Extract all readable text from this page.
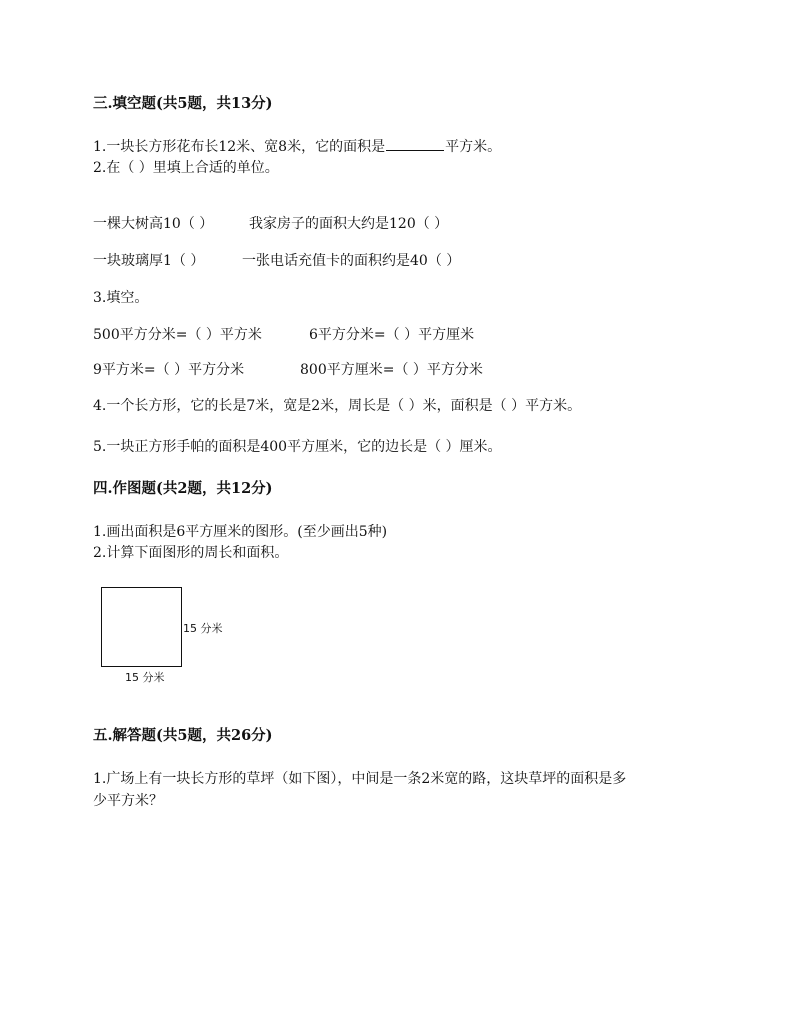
三.填空题(共5题，共13分)
1.一块长方形花布长12米、宽8米，它的面积是	平方米。
2.在（ ）里填上合适的单位。
一棵大树高10（ ）	我家房子的面积大约是120（ ）
一块玻璃厚1（ ）	一张电话充值卡的面积约是40（ ）
3.填空。
500平方分米=（ ）平方米	6平方分米=（ ）平方厘米
9平方米=（ ）平方分米	800平方厘米=（ ）平方分米
4.一个长方形，它的长是7米，宽是2米，周长是（ ）米，面积是（ ）平方米。
5.一块正方形手帕的面积是400平方厘米，它的边长是（ ）厘米。
四.作图题(共2题，共12分)
1.画出面积是6平方厘米的图形。(至少画出5种)
2.计算下面图形的周长和面积。
15 分米
15 分米
五.解答题(共5题，共26分)
1.广场上有一块长方形的草坪（如下图），中间是一条2米宽的路，这块草坪的面积是多
少平方米？
